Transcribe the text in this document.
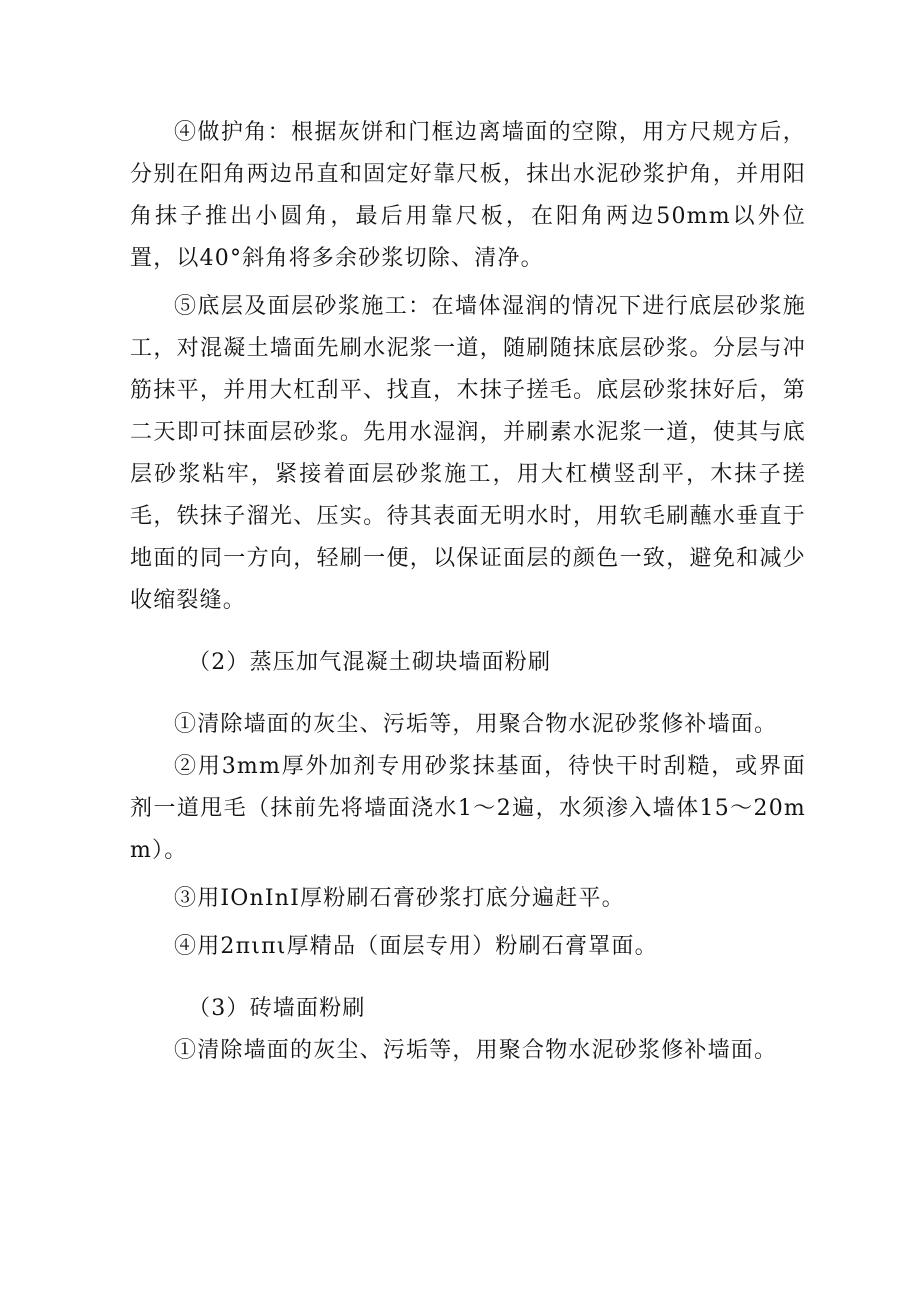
④做护角：根据灰饼和门框边离墙面的空隙，用方尺规方后，分别在阳角两边吊直和固定好靠尺板，抹出水泥砂浆护角，并用阳角抹子推出小圆角，最后用靠尺板，在阳角两边50mm以外位置，以40°斜角将多余砂浆切除、清净。

⑤底层及面层砂浆施工：在墙体湿润的情况下进行底层砂浆施工，对混凝土墙面先刷水泥浆一道，随刷随抹底层砂浆。分层与冲筋抹平，并用大杠刮平、找直，木抹子搓毛。底层砂浆抹好后，第二天即可抹面层砂浆。先用水湿润，并刷素水泥浆一道，使其与底层砂浆粘牢，紧接着面层砂浆施工，用大杠横竖刮平，木抹子搓毛，铁抹子溜光、压实。待其表面无明水时，用软毛刷蘸水垂直于地面的同一方向，轻刷一便，以保证面层的颜色一致，避免和减少收缩裂缝。

（2）蒸压加气混凝土砌块墙面粉刷

①清除墙面的灰尘、污垢等，用聚合物水泥砂浆修补墙面。

②用3mm厚外加剂专用砂浆抹基面，待快干时刮糙，或界面剂一道甩毛（抹前先将墙面浇水1～2遍，水须渗入墙体15～20mm）。

③用IOnInI厚粉刷石膏砂浆打底分遍赶平。

④用2πιπι厚精品（面层专用）粉刷石膏罩面。

（3）砖墙面粉刷

①清除墙面的灰尘、污垢等，用聚合物水泥砂浆修补墙面。
